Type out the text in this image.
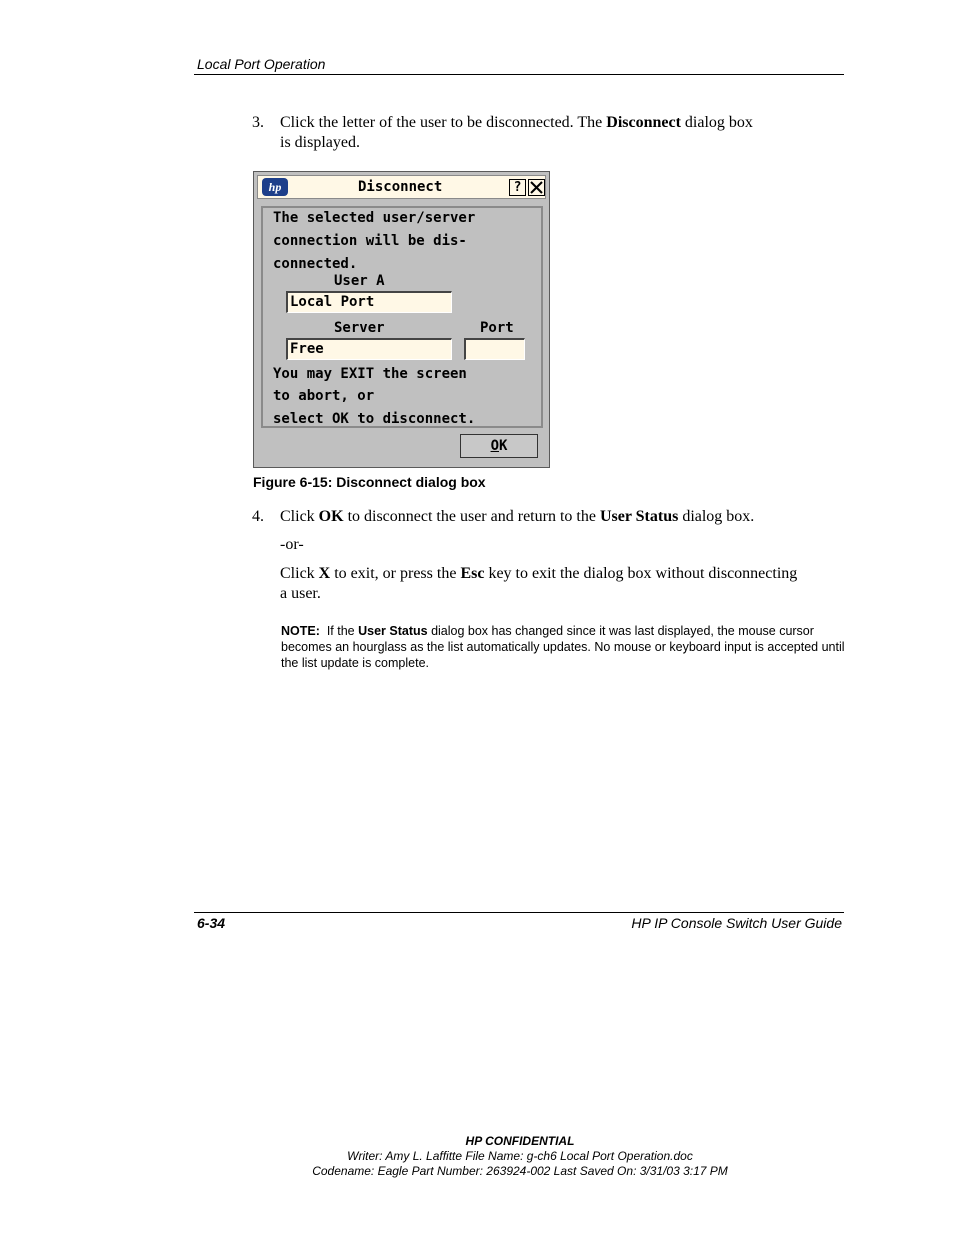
Local Port Operation
3. Click the letter of the user to be disconnected. The Disconnect dialog box
is displayed.
hp	Disconnect	?
The selected user/server
connection will be dis-
connected.
User A
Local Port
Server	Port
Free
You may EXIT the screen
to abort, or
select OK to disconnect.
OK
Figure 6-15: Disconnect dialog box
4. Click OK to disconnect the user and return to the User Status dialog box.
-or-
Click X to exit, or press the Esc key to exit the dialog box without disconnecting
a user.
NOTE:  If the User Status dialog box has changed since it was last displayed, the mouse cursor becomes an hourglass as the list automatically updates. No mouse or keyboard input is accepted until the list update is complete.
6-34	HP IP Console Switch User Guide
HP CONFIDENTIAL
Writer: Amy L. Laffitte File Name: g-ch6 Local Port Operation.doc
Codename: Eagle Part Number: 263924-002 Last Saved On: 3/31/03 3:17 PM
